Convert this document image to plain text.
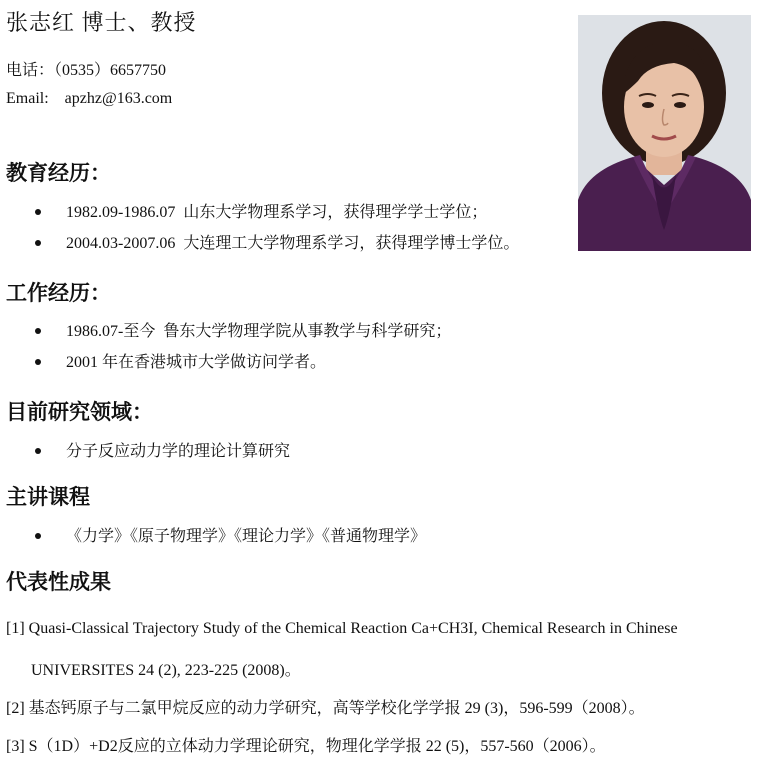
张志红 博士、教授
电话：（0535）6657750
Email: apzhz@163.com
教育经历：
1982.09-1986.07 山东大学物理系学习，获得理学学士学位；
2004.03-2007.06 大连理工大学物理系学习，获得理学博士学位。
工作经历：
1986.07-至今 鲁东大学物理学院从事教学与科学研究；
2001 年在香港城市大学做访问学者。
目前研究领域：
分子反应动力学的理论计算研究
主讲课程
《力学》《原子物理学》《理论力学》《普通物理学》
代表性成果
[1] Quasi-Classical Trajectory Study of the Chemical Reaction Ca+CH3I, Chemical Research in Chinese
UNIVERSITES 24 (2), 223-225 (2008)。
[2] 基态钙原子与二氯甲烷反应的动力学研究，高等学校化学学报 29 (3)，596-599（2008）。
[3] S（1D）+D2反应的立体动力学理论研究，物理化学学报 22 (5)，557-560（2006）。
